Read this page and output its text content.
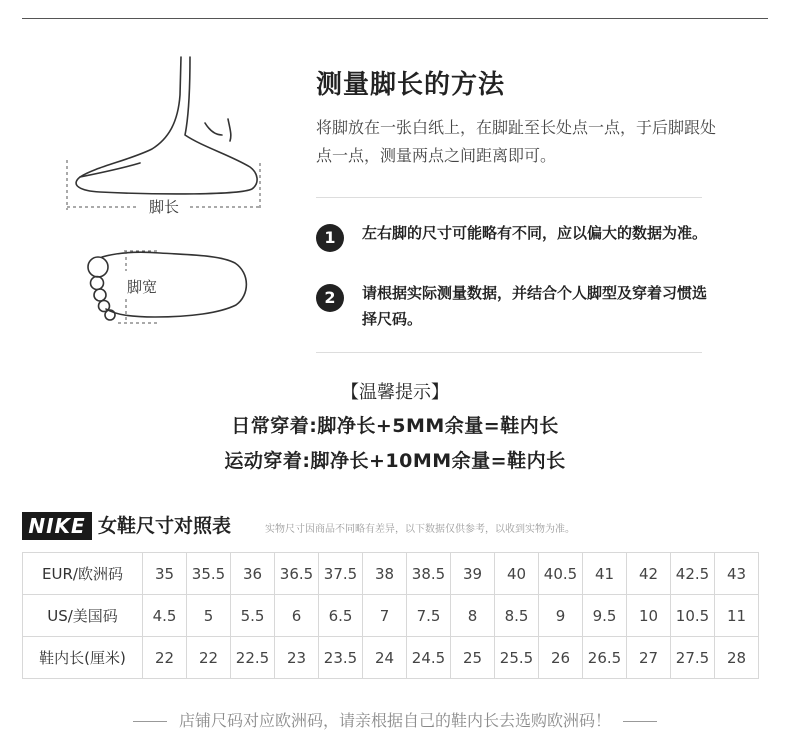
脚长
脚宽
测量脚长的方法
将脚放在一张白纸上，在脚趾至长处点一点，于后脚跟处点一点，测量两点之间距离即可。
1	左右脚的尺寸可能略有不同，应以偏大的数据为准。
2	请根据实际测量数据，并结合个人脚型及穿着习惯选择尺码。
【温馨提示】
日常穿着:脚净长+5MM余量=鞋内长
运动穿着:脚净长+10MM余量=鞋内长
NIKE 女鞋尺寸对照表	实物尺寸因商品不同略有差异，以下数据仅供参考，以收到实物为准。
EUR/欧洲码	35	35.5	36	36.5	37.5	38	38.5	39	40	40.5	41	42	42.5	43
US/美国码	4.5	5	5.5	6	6.5	7	7.5	8	8.5	9	9.5	10	10.5	11
鞋内长(厘米)	22	22	22.5	23	23.5	24	24.5	25	25.5	26	26.5	27	27.5	28
店铺尺码对应欧洲码，请亲根据自己的鞋内长去选购欧洲码！
